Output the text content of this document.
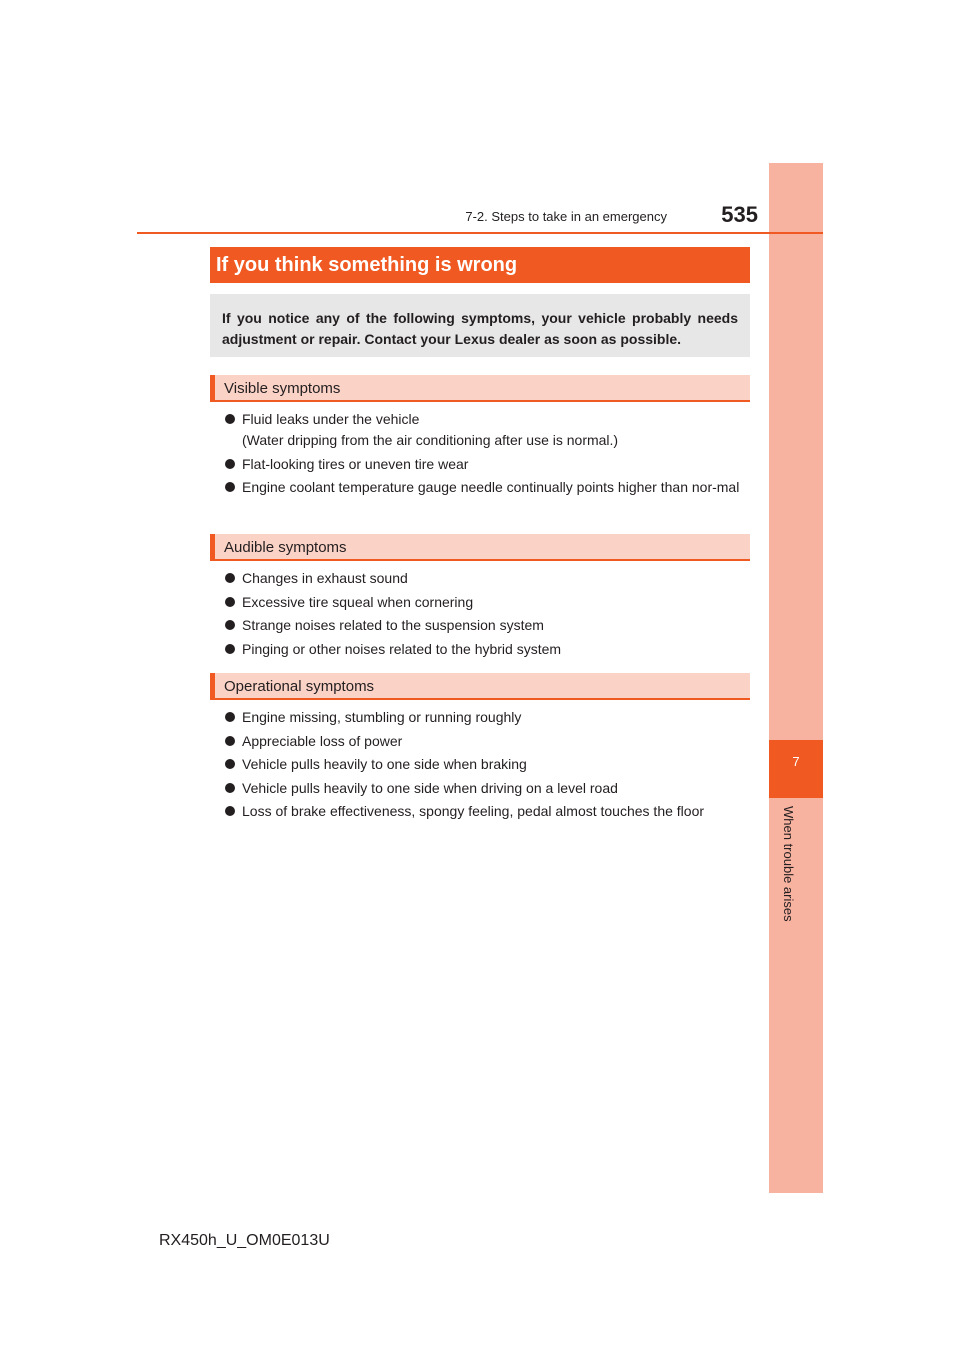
7
When trouble arises
7-2. Steps to take in an emergency	535
If you think something is wrong
If you notice any of the following symptoms, your vehicle probably needs adjustment or repair. Contact your Lexus dealer as soon as possible.
Visible symptoms
Fluid leaks under the vehicle
(Water dripping from the air conditioning after use is normal.)
Flat-looking tires or uneven tire wear
Engine coolant temperature gauge needle continually points higher than nor-mal
Audible symptoms
Changes in exhaust sound
Excessive tire squeal when cornering
Strange noises related to the suspension system
Pinging or other noises related to the hybrid system
Operational symptoms
Engine missing, stumbling or running roughly
Appreciable loss of power
Vehicle pulls heavily to one side when braking
Vehicle pulls heavily to one side when driving on a level road
Loss of brake effectiveness, spongy feeling, pedal almost touches the floor
RX450h_U_OM0E013U
